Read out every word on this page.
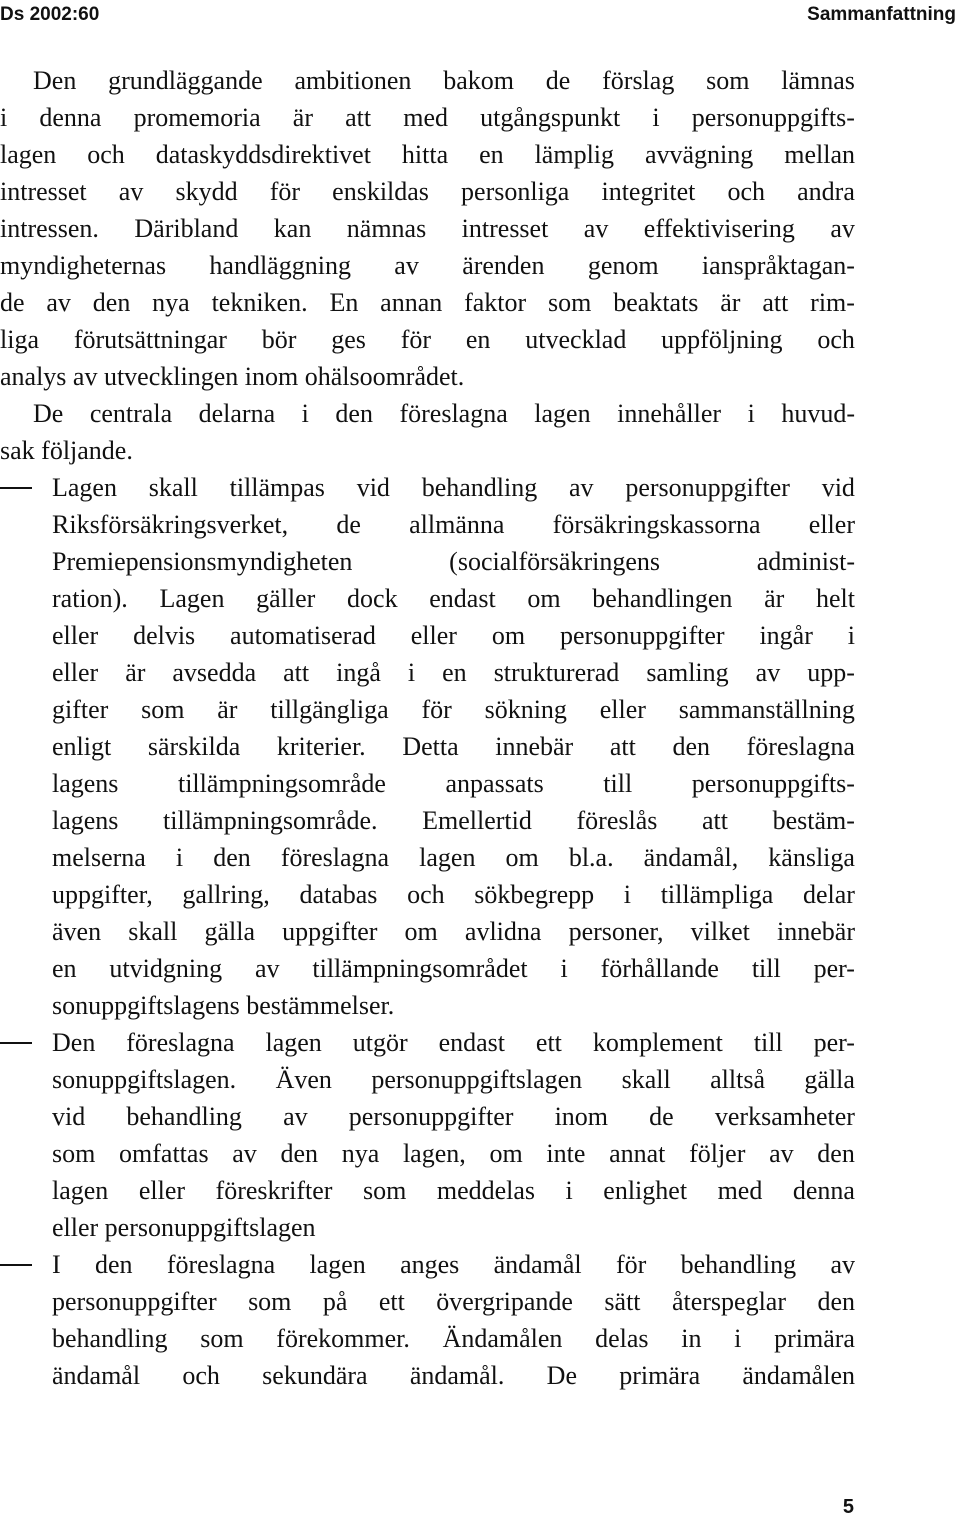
Ds 2002:60	Sammanfattning
Den grundläggande ambitionen bakom de förslag som lämnas
i denna promemoria är att med utgångspunkt i personuppgifts-
lagen och dataskyddsdirektivet hitta en lämplig avvägning mellan
intresset av skydd för enskildas personliga integritet och andra
intressen. Däribland kan nämnas intresset av effektivisering av
myndigheternas handläggning av ärenden genom ianspråktagan-
de av den nya tekniken. En annan faktor som beaktats är att rim-
liga förutsättningar bör ges för en utvecklad uppföljning och
analys av utvecklingen inom ohälsoområdet.
De centrala delarna i den föreslagna lagen innehåller i huvud-
sak följande.
Lagen skall tillämpas vid behandling av personuppgifter vid
Riksförsäkringsverket, de allmänna försäkringskassorna eller
Premiepensionsmyndigheten	(socialförsäkringens	administ-
ration). Lagen gäller dock endast om behandlingen är helt
eller delvis automatiserad eller om personuppgifter ingår i
eller är avsedda att ingå i en strukturerad samling av upp-
gifter som är tillgängliga för sökning eller sammanställning
enligt särskilda kriterier. Detta innebär att den föreslagna
lagens tillämpningsområde anpassats till personuppgifts-
lagens tillämpningsområde. Emellertid föreslås att bestäm-
melserna i den föreslagna lagen om bl.a. ändamål, känsliga
uppgifter, gallring, databas och sökbegrepp i tillämpliga delar
även skall gälla uppgifter om avlidna personer, vilket innebär
en utvidgning av tillämpningsområdet i förhållande till per-
sonuppgiftslagens bestämmelser.
Den föreslagna lagen utgör endast ett komplement till per-
sonuppgiftslagen. Även personuppgiftslagen skall alltså gälla
vid behandling av personuppgifter inom de verksamheter
som omfattas av den nya lagen, om inte annat följer av den
lagen eller föreskrifter som meddelas i enlighet med denna
eller personuppgiftslagen
I den föreslagna lagen anges ändamål för behandling av
personuppgifter som på ett övergripande sätt återspeglar den
behandling som förekommer. Ändamålen delas in i primära
ändamål och sekundära ändamål. De primära ändamålen
5
